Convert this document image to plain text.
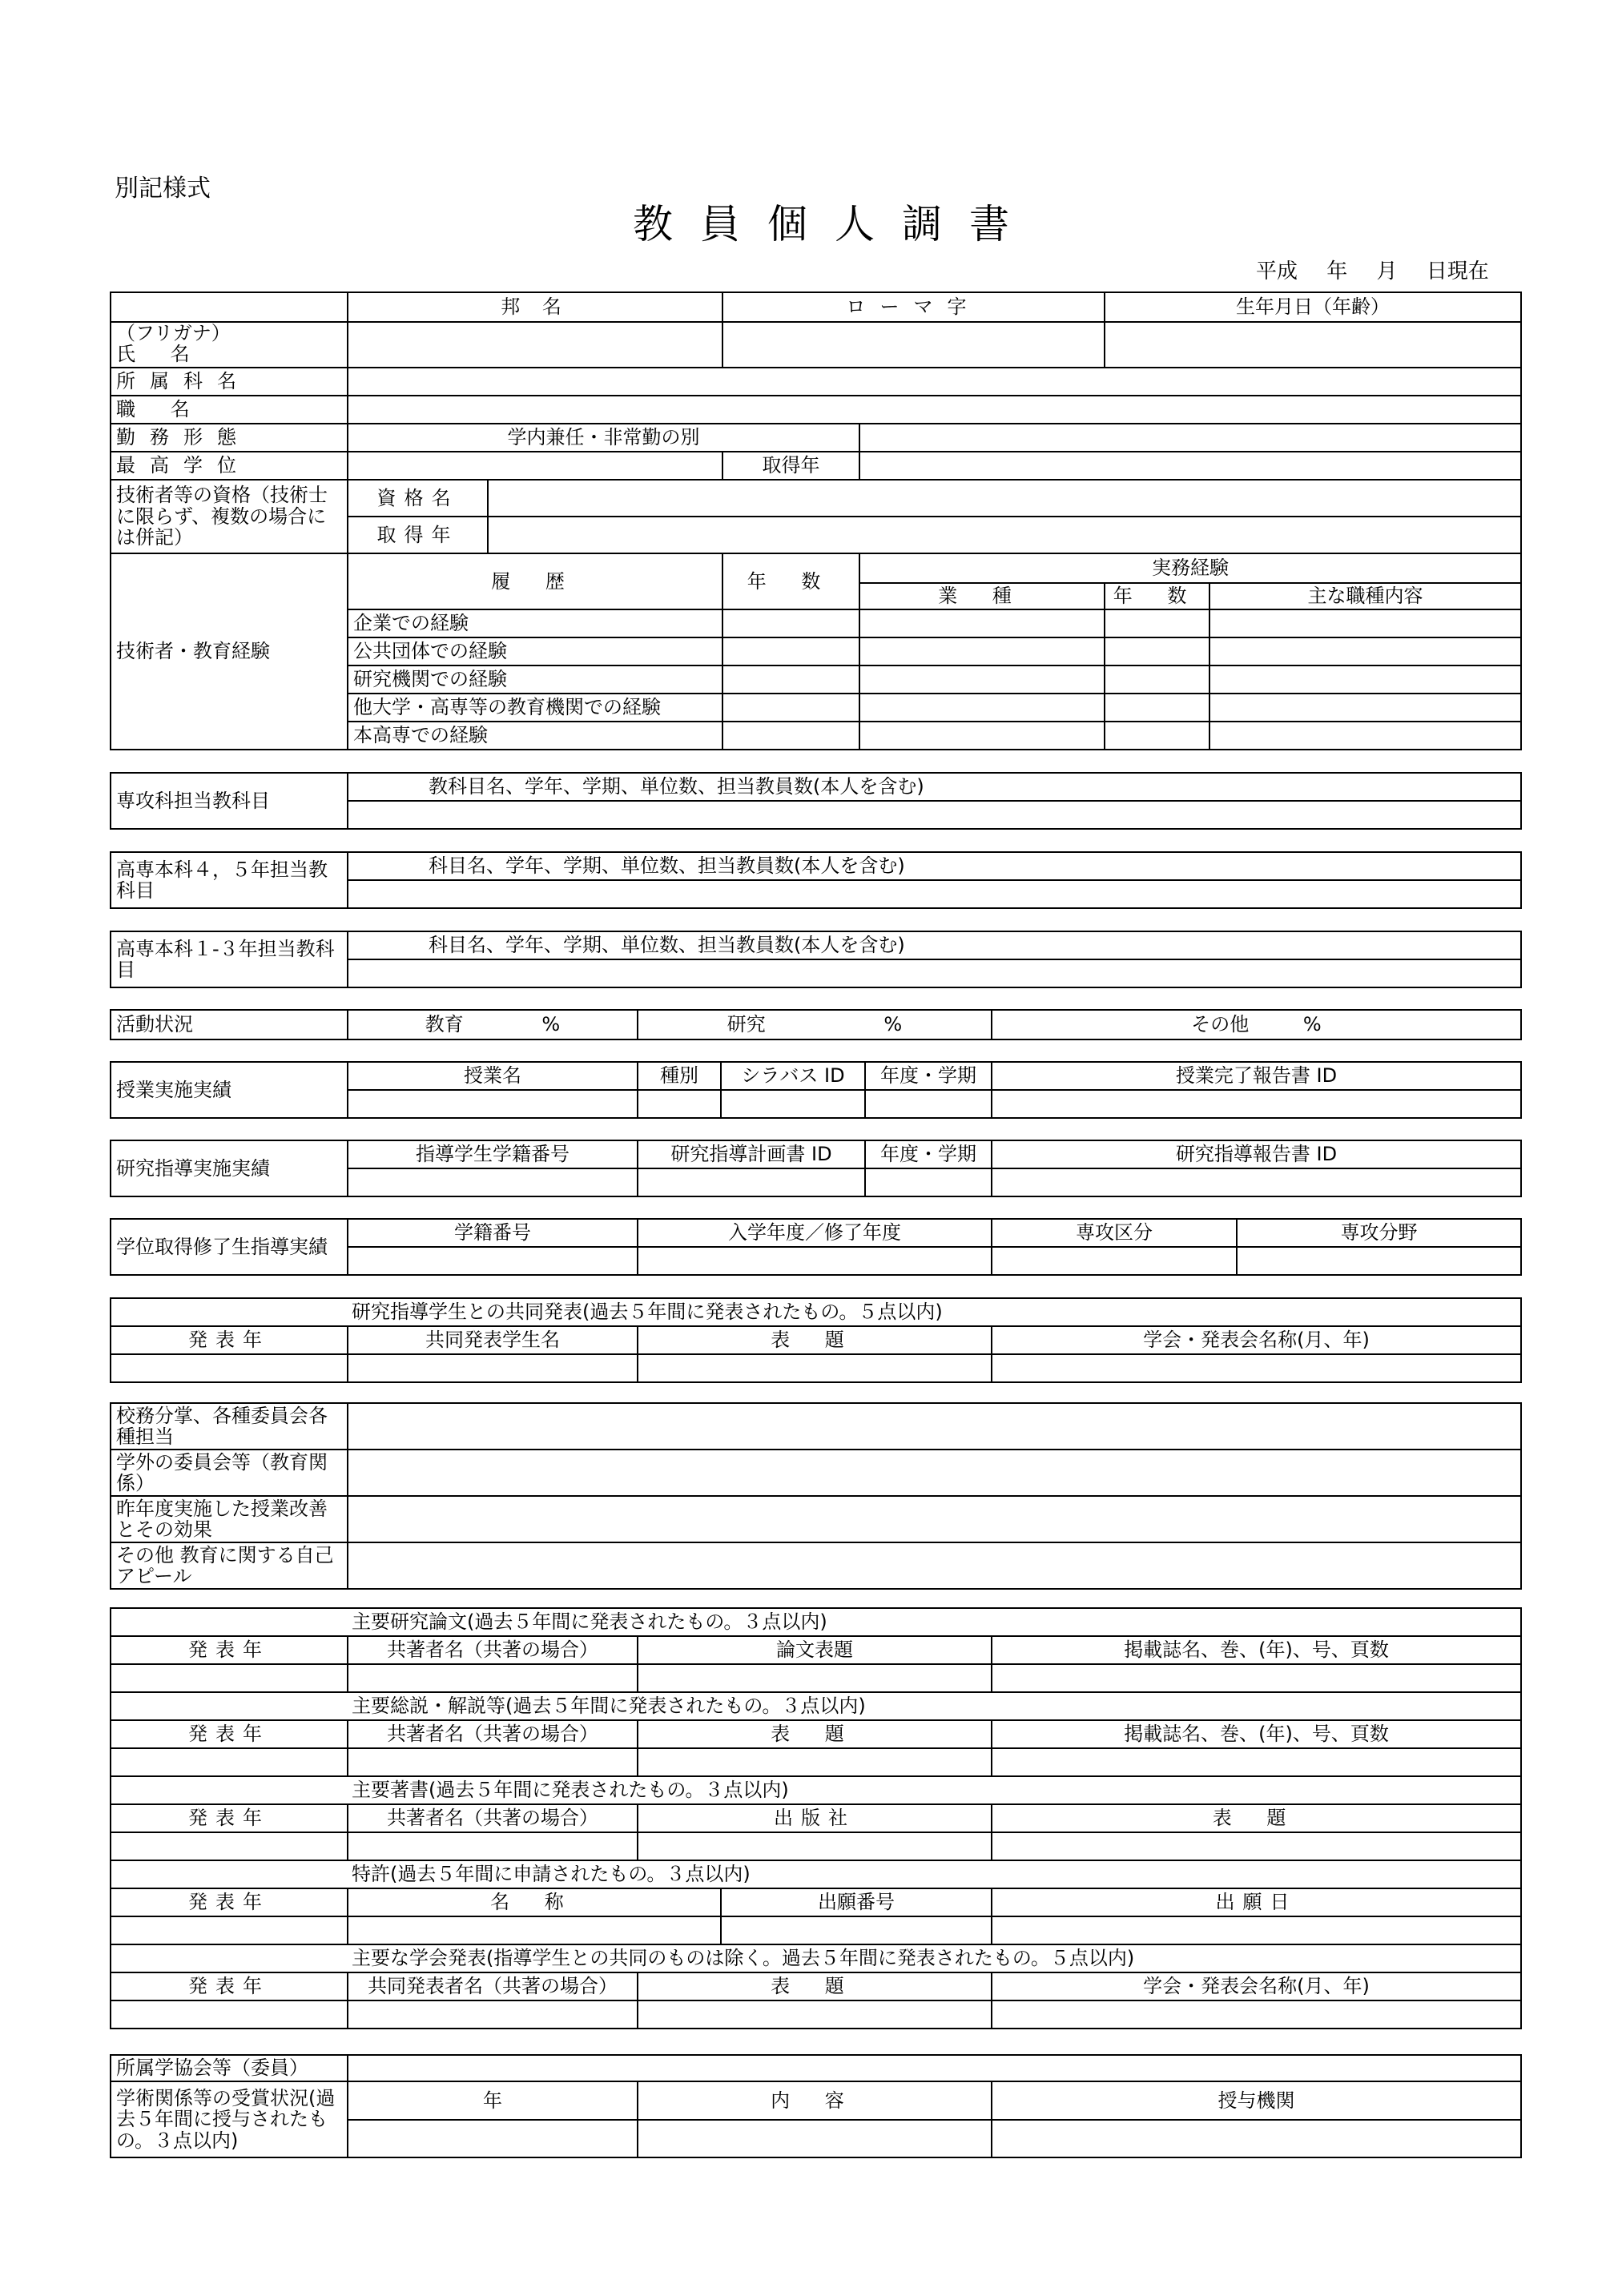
別記様式
教員個人調書
平成 年 月 日現在
	邦 名		ローマ字		生年月日（年齢）	

（フリガナ）
氏 名						

所属科名						
職 名						
勤務形態	学内兼任・非常勤の別					
最高学位			取得年			
技術者等の資格（技術士に限らず、複数の場合には併記）	資格名					
	取得年					
技術者・教育経験	履 歴		年 数	実務経験		
				業 種	年 数	主な職種内容
	企業での経験					
	公共団体での経験					
	研究機関での経験					
	他大学・高専等の教育機関での経験					
	本高専での経験					
専攻科担当教科目	教科目名、学年、学期、単位数、担当教員数(本人を含む)

高専本科４，５年担当教科目	科目名、学年、学期、単位数、担当教員数(本人を含む)

高専本科１-３年担当教科目	科目名、学年、学期、単位数、担当教員数(本人を含む)

活動状況	教育	%	研究	%	その他	%
授業実施実績	授業名	種別	シラバス ID	年度・学期	授業完了報告書 ID

研究指導実施実績	指導学生学籍番号	研究指導計画書 ID	年度・学期	研究指導報告書 ID

学位取得修了生指導実績	学籍番号	入学年度／修了年度	専攻区分	専攻分野

研究指導学生との共同発表(過去５年間に発表されたもの。５点以内)			
発表年	共同発表学生名	表 題	学会・発表会名称(月、年)

校務分掌、各種委員会各種担当	
学外の委員会等（教育関係）	
昨年度実施した授業改善とその効果	
その他 教育に関する自己アピール	
主要研究論文(過去５年間に発表されたもの。３点以内)				
発表年	共著者名（共著の場合）	論文表題		掲載誌名、巻、(年)、号、頁数

主要総説・解説等(過去５年間に発表されたもの。３点以内)				
発表年	共著者名（共著の場合）	表 題		掲載誌名、巻、(年)、号、頁数

主要著書(過去５年間に発表されたもの。３点以内)				
発表年	共著者名（共著の場合）	出版社		表 題

特許(過去５年間に申請されたもの。３点以内)				
発表年	名 称		出願番号	出願日

主要な学会発表(指導学生との共同のものは除く。過去５年間に発表されたもの。５点以内)				
発表年	共同発表者名（共著の場合）	表 題		学会・発表会名称(月、年)

所属学協会等（委員）			
学術関係等の受賞状況(過去５年間に授与されたもの。３点以内)	年	内 容	授与機関
